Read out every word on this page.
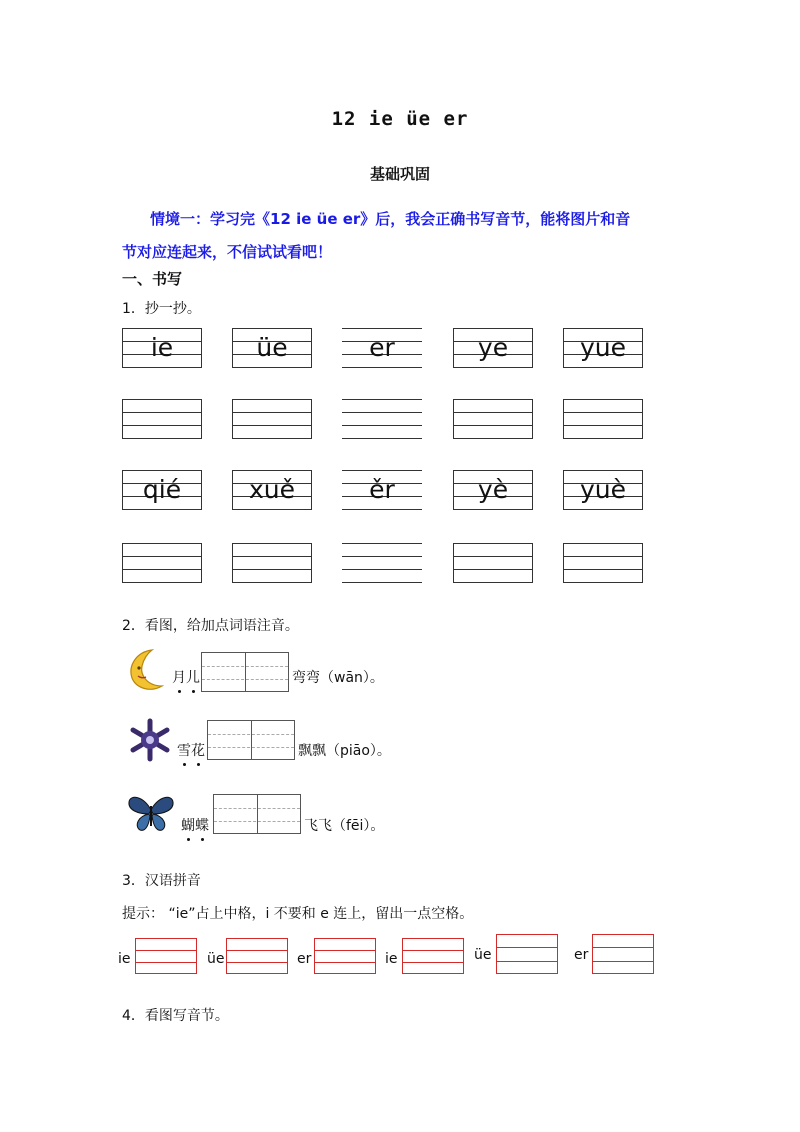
12 ie üe er
基础巩固
情境一：学习完《12 ie üe er》后，我会正确书写音节，能将图片和音
节对应连起来，不信试试看吧！
一、书写
1．抄一抄。
ie	üe	er	ye	yue
qié	xuě	ěr	yè	yuè
2．看图，给加点词语注音。
月儿	弯弯（wān）。
雪花	飘飘（piāo）。
蝴蝶	飞飞（fēi）。
3．汉语拼音
提示： “ie”占上中格，i 不要和 e 连上，留出一点空格。
ie	üe	er	ie	üe	er
4．看图写音节。
